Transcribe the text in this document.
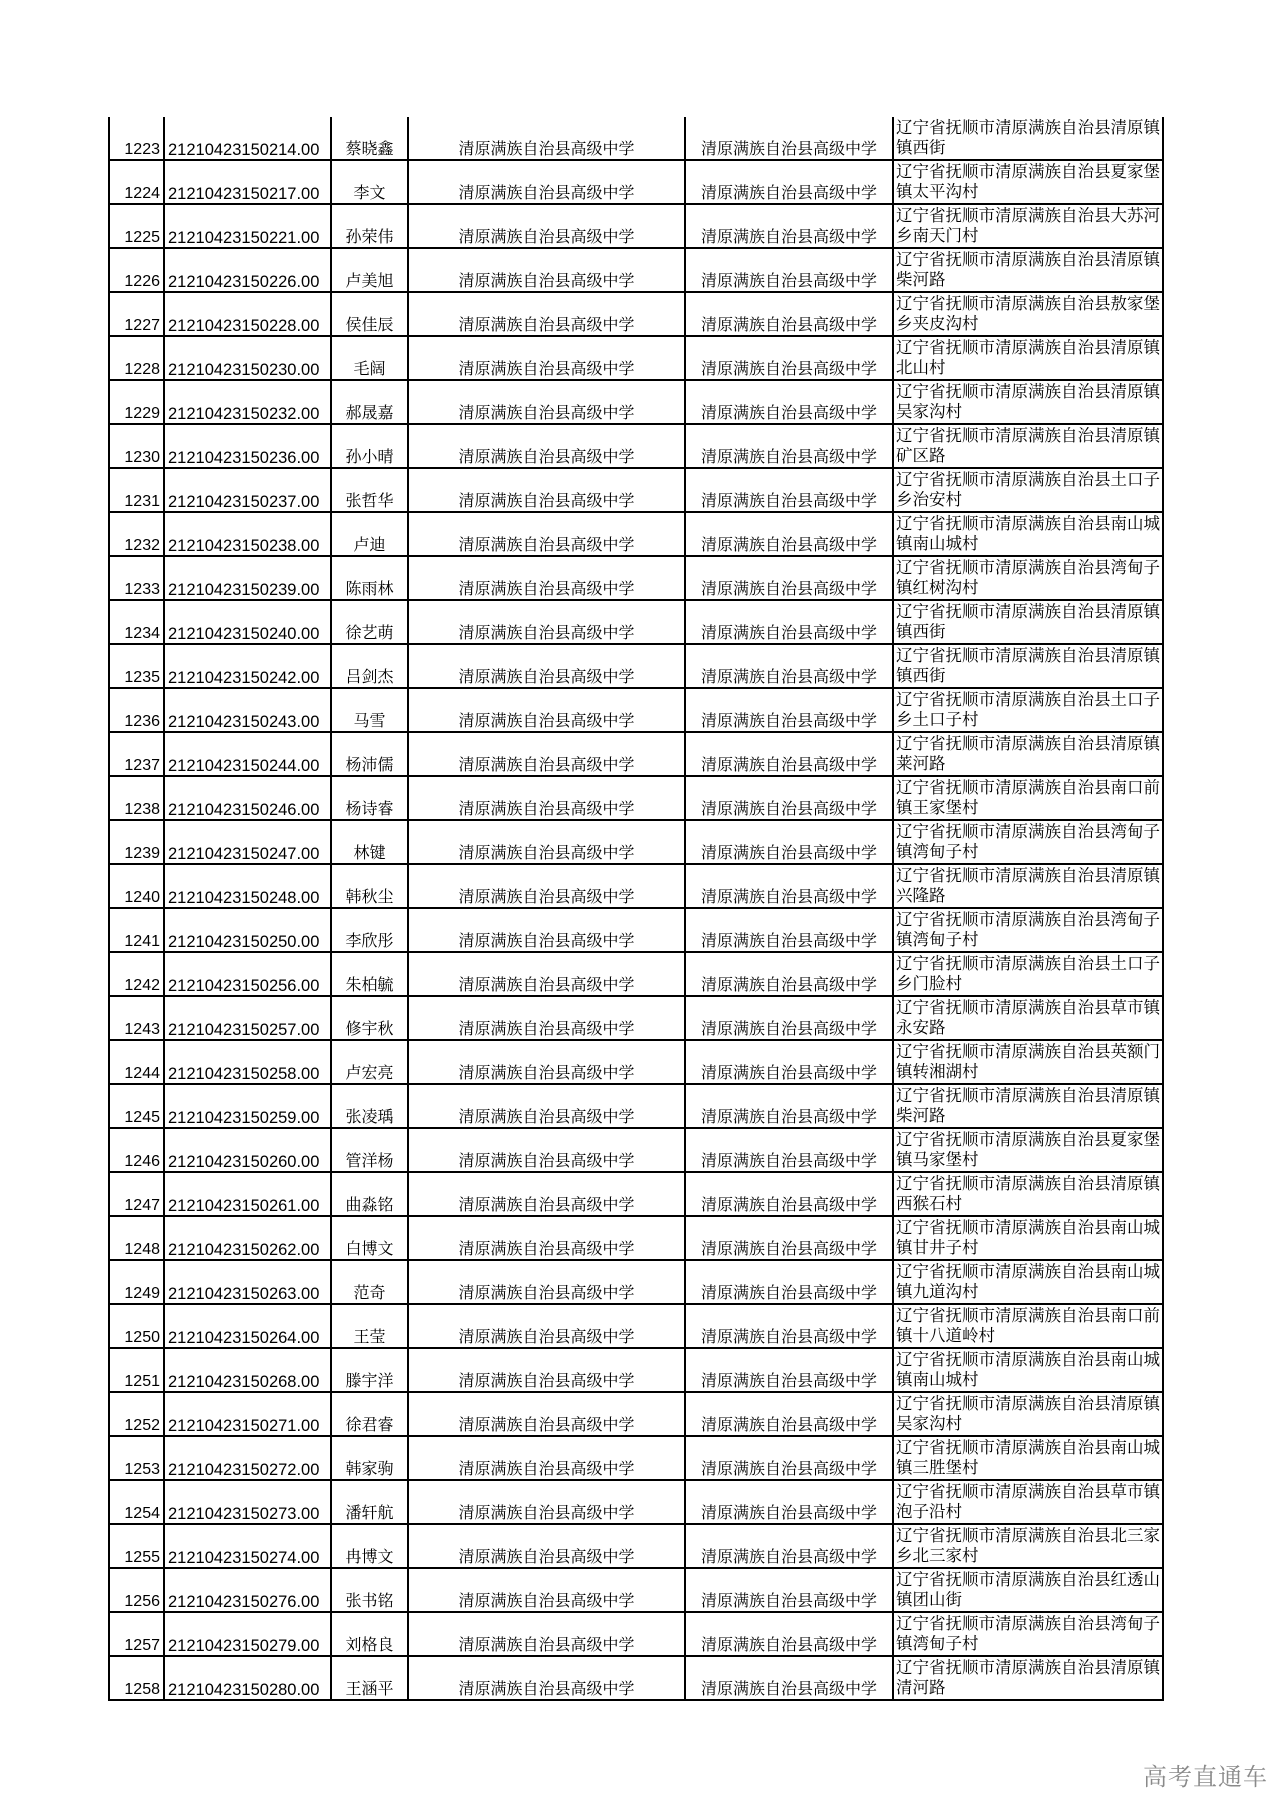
1223	21210423150214.00	蔡晓鑫	清原满族自治县高级中学	清原满族自治县高级中学	辽宁省抚顺市清原满族自治县清原镇镇西街
1224	21210423150217.00	李文	清原满族自治县高级中学	清原满族自治县高级中学	辽宁省抚顺市清原满族自治县夏家堡镇太平沟村
1225	21210423150221.00	孙荣伟	清原满族自治县高级中学	清原满族自治县高级中学	辽宁省抚顺市清原满族自治县大苏河乡南天门村
1226	21210423150226.00	卢美旭	清原满族自治县高级中学	清原满族自治县高级中学	辽宁省抚顺市清原满族自治县清原镇柴河路
1227	21210423150228.00	侯佳辰	清原满族自治县高级中学	清原满族自治县高级中学	辽宁省抚顺市清原满族自治县敖家堡乡夹皮沟村
1228	21210423150230.00	毛阔	清原满族自治县高级中学	清原满族自治县高级中学	辽宁省抚顺市清原满族自治县清原镇北山村
1229	21210423150232.00	郝晟嘉	清原满族自治县高级中学	清原满族自治县高级中学	辽宁省抚顺市清原满族自治县清原镇吴家沟村
1230	21210423150236.00	孙小晴	清原满族自治县高级中学	清原满族自治县高级中学	辽宁省抚顺市清原满族自治县清原镇矿区路
1231	21210423150237.00	张哲华	清原满族自治县高级中学	清原满族自治县高级中学	辽宁省抚顺市清原满族自治县土口子乡治安村
1232	21210423150238.00	卢迪	清原满族自治县高级中学	清原满族自治县高级中学	辽宁省抚顺市清原满族自治县南山城镇南山城村
1233	21210423150239.00	陈雨林	清原满族自治县高级中学	清原满族自治县高级中学	辽宁省抚顺市清原满族自治县湾甸子镇红树沟村
1234	21210423150240.00	徐艺萌	清原满族自治县高级中学	清原满族自治县高级中学	辽宁省抚顺市清原满族自治县清原镇镇西街
1235	21210423150242.00	吕剑杰	清原满族自治县高级中学	清原满族自治县高级中学	辽宁省抚顺市清原满族自治县清原镇镇西街
1236	21210423150243.00	马雪	清原满族自治县高级中学	清原满族自治县高级中学	辽宁省抚顺市清原满族自治县土口子乡土口子村
1237	21210423150244.00	杨沛儒	清原满族自治县高级中学	清原满族自治县高级中学	辽宁省抚顺市清原满族自治县清原镇莱河路
1238	21210423150246.00	杨诗睿	清原满族自治县高级中学	清原满族自治县高级中学	辽宁省抚顺市清原满族自治县南口前镇王家堡村
1239	21210423150247.00	林键	清原满族自治县高级中学	清原满族自治县高级中学	辽宁省抚顺市清原满族自治县湾甸子镇湾甸子村
1240	21210423150248.00	韩秋尘	清原满族自治县高级中学	清原满族自治县高级中学	辽宁省抚顺市清原满族自治县清原镇兴隆路
1241	21210423150250.00	李欣彤	清原满族自治县高级中学	清原满族自治县高级中学	辽宁省抚顺市清原满族自治县湾甸子镇湾甸子村
1242	21210423150256.00	朱柏毓	清原满族自治县高级中学	清原满族自治县高级中学	辽宁省抚顺市清原满族自治县土口子乡门脸村
1243	21210423150257.00	修宇秋	清原满族自治县高级中学	清原满族自治县高级中学	辽宁省抚顺市清原满族自治县草市镇永安路
1244	21210423150258.00	卢宏亮	清原满族自治县高级中学	清原满族自治县高级中学	辽宁省抚顺市清原满族自治县英额门镇转湘湖村
1245	21210423150259.00	张凌瑀	清原满族自治县高级中学	清原满族自治县高级中学	辽宁省抚顺市清原满族自治县清原镇柴河路
1246	21210423150260.00	管洋杨	清原满族自治县高级中学	清原满族自治县高级中学	辽宁省抚顺市清原满族自治县夏家堡镇马家堡村
1247	21210423150261.00	曲淼铭	清原满族自治县高级中学	清原满族自治县高级中学	辽宁省抚顺市清原满族自治县清原镇西猴石村
1248	21210423150262.00	白博文	清原满族自治县高级中学	清原满族自治县高级中学	辽宁省抚顺市清原满族自治县南山城镇甘井子村
1249	21210423150263.00	范奇	清原满族自治县高级中学	清原满族自治县高级中学	辽宁省抚顺市清原满族自治县南山城镇九道沟村
1250	21210423150264.00	王莹	清原满族自治县高级中学	清原满族自治县高级中学	辽宁省抚顺市清原满族自治县南口前镇十八道岭村
1251	21210423150268.00	滕宇洋	清原满族自治县高级中学	清原满族自治县高级中学	辽宁省抚顺市清原满族自治县南山城镇南山城村
1252	21210423150271.00	徐君睿	清原满族自治县高级中学	清原满族自治县高级中学	辽宁省抚顺市清原满族自治县清原镇吴家沟村
1253	21210423150272.00	韩家驹	清原满族自治县高级中学	清原满族自治县高级中学	辽宁省抚顺市清原满族自治县南山城镇三胜堡村
1254	21210423150273.00	潘轩航	清原满族自治县高级中学	清原满族自治县高级中学	辽宁省抚顺市清原满族自治县草市镇泡子沿村
1255	21210423150274.00	冉博文	清原满族自治县高级中学	清原满族自治县高级中学	辽宁省抚顺市清原满族自治县北三家乡北三家村
1256	21210423150276.00	张书铭	清原满族自治县高级中学	清原满族自治县高级中学	辽宁省抚顺市清原满族自治县红透山镇团山街
1257	21210423150279.00	刘格良	清原满族自治县高级中学	清原满族自治县高级中学	辽宁省抚顺市清原满族自治县湾甸子镇湾甸子村
1258	21210423150280.00	王涵平	清原满族自治县高级中学	清原满族自治县高级中学	辽宁省抚顺市清原满族自治县清原镇清河路
高考直通车
